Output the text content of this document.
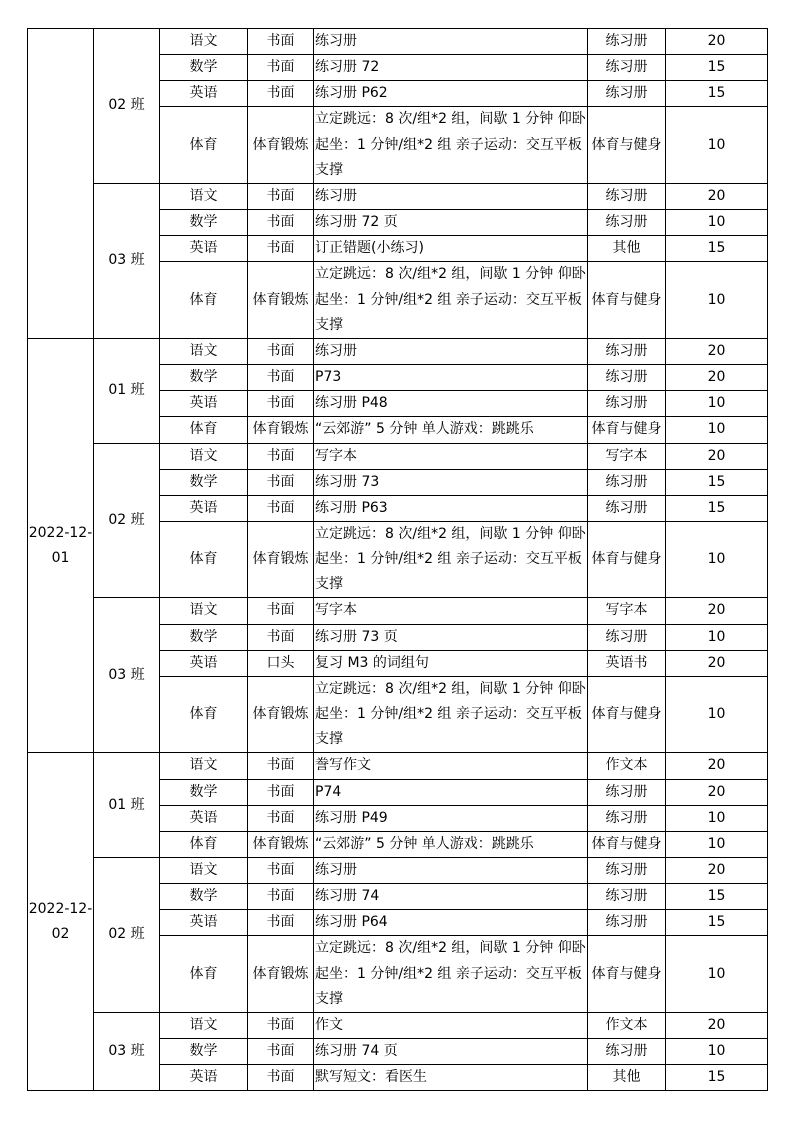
	02 班	语文	书面	练习册	练习册	20
		数学	书面	练习册 72	练习册	15
		英语	书面	练习册 P62	练习册	15
		体育	体育锻炼	立定跳远：8 次/组*2 组，间歇 1 分钟 仰卧起坐：1 分钟/组*2 组 亲子运动：交互平板支撑	体育与健身	10
	03 班	语文	书面	练习册	练习册	20
		数学	书面	练习册 72 页	练习册	10
		英语	书面	订正错题(小练习)	其他	15
		体育	体育锻炼	立定跳远：8 次/组*2 组，间歇 1 分钟 仰卧起坐：1 分钟/组*2 组 亲子运动：交互平板支撑	体育与健身	10
2022-12-01	01 班	语文	书面	练习册	练习册	20
		数学	书面	P73	练习册	20
		英语	书面	练习册 P48	练习册	10
		体育	体育锻炼	“云郊游” 5 分钟 单人游戏：跳跳乐	体育与健身	10
	02 班	语文	书面	写字本	写字本	20
		数学	书面	练习册 73	练习册	15
		英语	书面	练习册 P63	练习册	15
		体育	体育锻炼	立定跳远：8 次/组*2 组，间歇 1 分钟 仰卧起坐：1 分钟/组*2 组 亲子运动：交互平板支撑	体育与健身	10
	03 班	语文	书面	写字本	写字本	20
		数学	书面	练习册 73 页	练习册	10
		英语	口头	复习 M3 的词组句	英语书	20
		体育	体育锻炼	立定跳远：8 次/组*2 组，间歇 1 分钟 仰卧起坐：1 分钟/组*2 组 亲子运动：交互平板支撑	体育与健身	10
2022-12-02	01 班	语文	书面	誊写作文	作文本	20
		数学	书面	P74	练习册	20
		英语	书面	练习册 P49	练习册	10
		体育	体育锻炼	“云郊游” 5 分钟 单人游戏：跳跳乐	体育与健身	10
	02 班	语文	书面	练习册	练习册	20
		数学	书面	练习册 74	练习册	15
		英语	书面	练习册 P64	练习册	15
		体育	体育锻炼	立定跳远：8 次/组*2 组，间歇 1 分钟 仰卧起坐：1 分钟/组*2 组 亲子运动：交互平板支撑	体育与健身	10
	03 班	语文	书面	作文	作文本	20
		数学	书面	练习册 74 页	练习册	10
		英语	书面	默写短文：看医生	其他	15
